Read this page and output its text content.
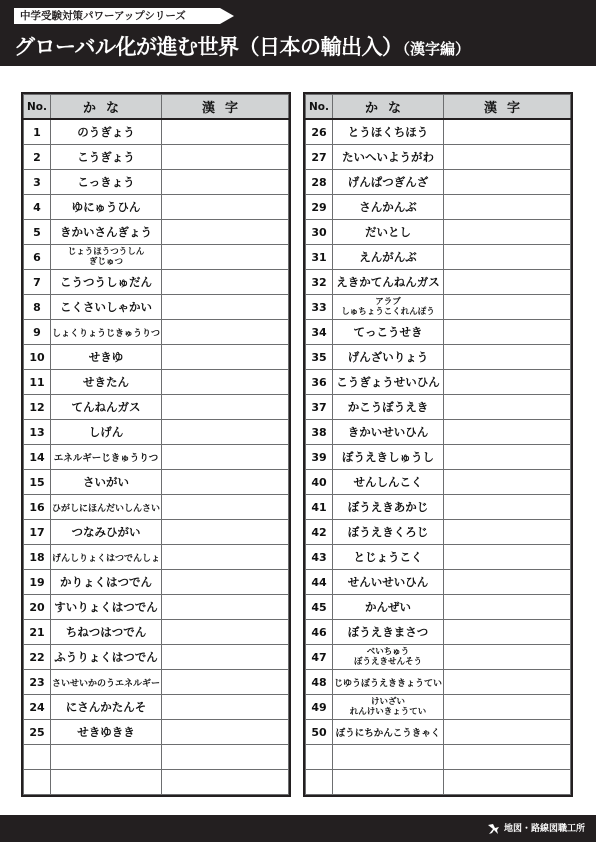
中学受験対策パワーアップシリーズ
グローバル化が進む世界（日本の輸出入）（漢字編）
No.	かな	漢字
1	のうぎょう	
2	こうぎょう	
3	こっきょう	
4	ゆにゅうひん	
5	きかいさんぎょう	
6	じょうほうつうしん
ぎじゅつ	

7	こうつうしゅだん	
8	こくさいしゃかい	
9	しょくりょうじきゅうりつ	
10	せきゆ	
11	せきたん	
12	てんねんガス	
13	しげん	
14	エネルギーじきゅうりつ	
15	さいがい	
16	ひがしにほんだいしんさい	
17	つなみひがい	
18	げんしりょくはつでんしょ	
19	かりょくはつでん	
20	すいりょくはつでん	
21	ちねつはつでん	
22	ふうりょくはつでん	
23	さいせいかのうエネルギー	
24	にさんかたんそ	
25	せきゆきき	

No.	かな	漢字
26	とうほくちほう	
27	たいへいようがわ	
28	げんぱつぎんざ	
29	さんかんぶ	
30	だいとし	
31	えんがんぶ	
32	えきかてんねんガス	
33	アラブ
しゅちょうこくれんぽう	

34	てっこうせき	
35	げんざいりょう	
36	こうぎょうせいひん	
37	かこうぼうえき	
38	きかいせいひん	
39	ぼうえきしゅうし	
40	せんしんこく	
41	ぼうえきあかじ	
42	ぼうえきくろじ	
43	とじょうこく	
44	せんいせいひん	
45	かんぜい	
46	ぼうえきまさつ	
47	べいちゅう
ぼうえきせんそう	

48	じゆうぼうえききょうてい	
49	けいざい
れんけいきょうてい	

50	ぼうにちかんこうきゃく	

地図・路線図職工所
